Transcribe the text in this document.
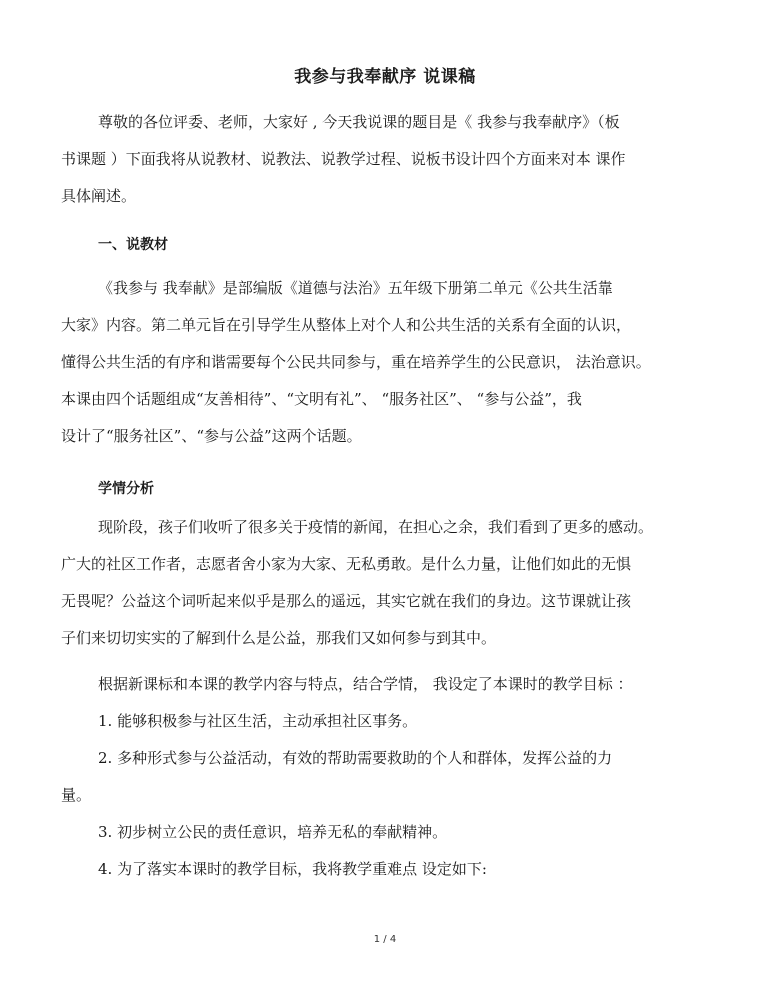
我参与我奉献序 说课稿
尊敬的各位评委、老师，大家好 , 今天我说课的题目是《 我参与我奉献序》（板
书课题 ）下面我将从说教材、说教法、说教学过程、说板书设计四个方面来对本 课作
具体阐述。
一、说教材
《我参与 我奉献》是部编版《道德与法治》五年级下册第二单元《公共生活靠
大家》内容。第二单元旨在引导学生从整体上对个人和公共生活的关系有全面的认识，
懂得公共生活的有序和谐需要每个公民共同参与，重在培养学生的公民意识， 法治意识。
本课由四个话题组成“友善相待”、“文明有礼”、 “服务社区”、 “参与公益”，我
设计了“服务社区”、“参与公益”这两个话题。
学情分析
现阶段，孩子们收听了很多关于疫情的新闻，在担心之余，我们看到了更多的感动。
广大的社区工作者，志愿者舍小家为大家、无私勇敢。是什么力量，让他们如此的无惧
无畏呢？公益这个词听起来似乎是那么的遥远，其实它就在我们的身边。这节课就让孩
子们来切切实实的了解到什么是公益，那我们又如何参与到其中。
根据新课标和本课的教学内容与特点，结合学情， 我设定了本课时的教学目标 ：
1. 能够积极参与社区生活，主动承担社区事务。
2. 多种形式参与公益活动，有效的帮助需要救助的个人和群体，发挥公益的力
量。
3. 初步树立公民的责任意识，培养无私的奉献精神。
4. 为了落实本课时的教学目标，我将教学重难点 设定如下:
1 / 4
